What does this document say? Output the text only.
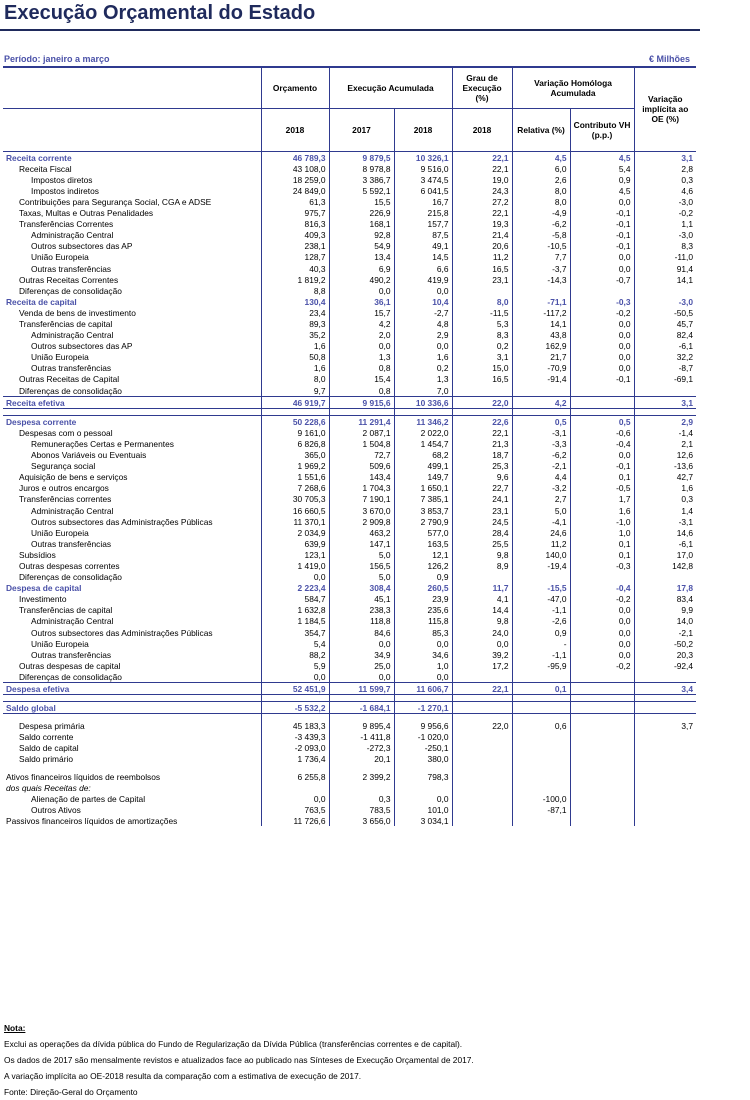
Execução Orçamental do Estado
Período: janeiro a março	€ Milhões
	Orçamento	Execução Acumulada		Grau de Execução (%)	Variação Homóloga Acumulada		Variação implícita ao OE (%)
	2018	2017	2018	2018	Relativa (%)	Contributo VH (p.p.)	
Receita corrente	46 789,3	9 879,5	10 326,1	22,1	4,5	4,5	3,1
Receita Fiscal	43 108,0	8 978,8	9 516,0	22,1	6,0	5,4	2,8
Impostos diretos	18 259,0	3 386,7	3 474,5	19,0	2,6	0,9	0,3
Impostos indiretos	24 849,0	5 592,1	6 041,5	24,3	8,0	4,5	4,6
Contribuições para Segurança Social, CGA e ADSE	61,3	15,5	16,7	27,2	8,0	0,0	-3,0
Taxas, Multas e Outras Penalidades	975,7	226,9	215,8	22,1	-4,9	-0,1	-0,2
Transferências Correntes	816,3	168,1	157,7	19,3	-6,2	-0,1	1,1
Administração Central	409,3	92,8	87,5	21,4	-5,8	-0,1	-3,0
Outros subsectores das AP	238,1	54,9	49,1	20,6	-10,5	-0,1	8,3
União Europeia	128,7	13,4	14,5	11,2	7,7	0,0	-11,0
Outras transferências	40,3	6,9	6,6	16,5	-3,7	0,0	91,4
Outras Receitas Correntes	1 819,2	490,2	419,9	23,1	-14,3	-0,7	14,1
Diferenças de consolidação	8,8	0,0	0,0				
Receita de capital	130,4	36,1	10,4	8,0	-71,1	-0,3	-3,0
Venda de bens de investimento	23,4	15,7	-2,7	-11,5	-117,2	-0,2	-50,5
Transferências de capital	89,3	4,2	4,8	5,3	14,1	0,0	45,7
Administração Central	35,2	2,0	2,9	8,3	43,8	0,0	82,4
Outros subsectores das AP	1,6	0,0	0,0	0,2	162,9	0,0	-6,1
União Europeia	50,8	1,3	1,6	3,1	21,7	0,0	32,2
Outras transferências	1,6	0,8	0,2	15,0	-70,9	0,0	-8,7
Outras Receitas de Capital	8,0	15,4	1,3	16,5	-91,4	-0,1	-69,1
Diferenças de consolidação	9,7	0,8	7,0				
Receita efetiva	46 919,7	9 915,6	10 336,6	22,0	4,2		3,1

Despesa corrente	50 228,6	11 291,4	11 346,2	22,6	0,5	0,5	2,9
Despesas com o pessoal	9 161,0	2 087,1	2 022,0	22,1	-3,1	-0,6	-1,4
Remunerações Certas e Permanentes	6 826,8	1 504,8	1 454,7	21,3	-3,3	-0,4	2,1
Abonos Variáveis ou Eventuais	365,0	72,7	68,2	18,7	-6,2	0,0	12,6
Segurança social	1 969,2	509,6	499,1	25,3	-2,1	-0,1	-13,6
Aquisição de bens e serviços	1 551,6	143,4	149,7	9,6	4,4	0,1	42,7
Juros e outros encargos	7 268,6	1 704,3	1 650,1	22,7	-3,2	-0,5	1,6
Transferências correntes	30 705,3	7 190,1	7 385,1	24,1	2,7	1,7	0,3
Administração Central	16 660,5	3 670,0	3 853,7	23,1	5,0	1,6	1,4
Outros subsectores das Administrações Públicas	11 370,1	2 909,8	2 790,9	24,5	-4,1	-1,0	-3,1
União Europeia	2 034,9	463,2	577,0	28,4	24,6	1,0	14,6
Outras transferências	639,9	147,1	163,5	25,5	11,2	0,1	-6,1
Subsídios	123,1	5,0	12,1	9,8	140,0	0,1	17,0
Outras despesas correntes	1 419,0	156,5	126,2	8,9	-19,4	-0,3	142,8
Diferenças de consolidação	0,0	5,0	0,9				
Despesa de capital	2 223,4	308,4	260,5	11,7	-15,5	-0,4	17,8
Investimento	584,7	45,1	23,9	4,1	-47,0	-0,2	83,4
Transferências de capital	1 632,8	238,3	235,6	14,4	-1,1	0,0	9,9
Administração Central	1 184,5	118,8	115,8	9,8	-2,6	0,0	14,0
Outros subsectores das Administrações Públicas	354,7	84,6	85,3	24,0	0,9	0,0	-2,1
União Europeia	5,4	0,0	0,0	0,0	-	0,0	-50,2
Outras transferências	88,2	34,9	34,6	39,2	-1,1	0,0	20,3
Outras despesas de capital	5,9	25,0	1,0	17,2	-95,9	-0,2	-92,4
Diferenças de consolidação	0,0	0,0	0,0				
Despesa efetiva	52 451,9	11 599,7	11 606,7	22,1	0,1		3,4

Saldo global	-5 532,2	-1 684,1	-1 270,1				

Despesa primária	45 183,3	9 895,4	9 956,6	22,0	0,6		3,7
Saldo corrente	-3 439,3	-1 411,8	-1 020,0				
Saldo de capital	-2 093,0	-272,3	-250,1				
Saldo primário	1 736,4	20,1	380,0				

Ativos financeiros líquidos de reembolsos	6 255,8	2 399,2	798,3				
dos quais Receitas de:							
Alienação de partes de Capital	0,0	0,3	0,0		-100,0		
Outros Ativos	763,5	783,5	101,0		-87,1		
Passivos financeiros líquidos de amortizações	11 726,6	3 656,0	3 034,1				
Nota:
Exclui as operações da dívida pública do Fundo de Regularização da Dívida Pública (transferências correntes e de capital).
Os dados de 2017 são mensalmente revistos e atualizados face ao publicado nas Sínteses de Execução Orçamental de 2017.
A variação implícita ao OE-2018 resulta da comparação com a estimativa de execução de 2017.
Fonte: Direção-Geral do Orçamento
